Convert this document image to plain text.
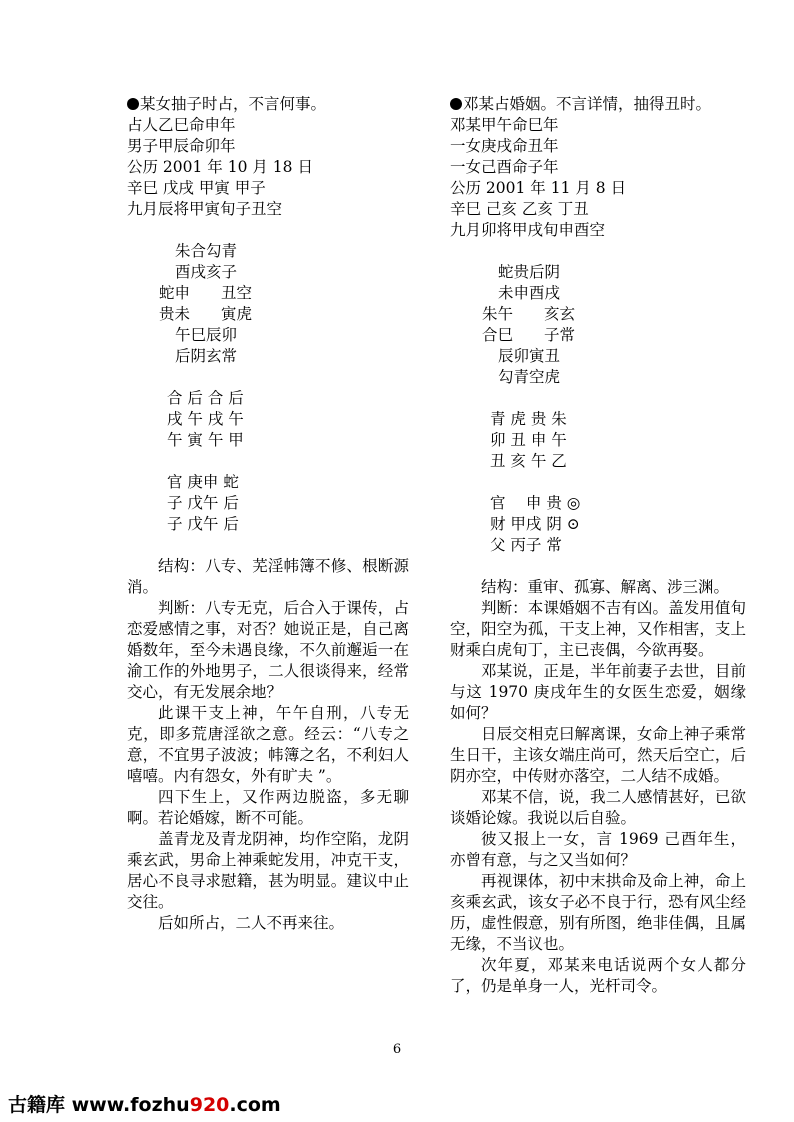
某女抽子时占，不言何事。
占人乙巳命申年
男子甲辰命卯年
公历 2001 年 10 月 18 日
辛巳 戊戌 甲寅 甲子
九月辰将甲寅旬子丑空
朱合勾青
酉戌亥子
蛇申　　丑空
贵未　　寅虎
午巳辰卯
后阴玄常
合 后 合 后
戌 午 戌 午
午 寅 午 甲
官 庚申 蛇
子 戊午 后
子 戊午 后
结构：八专、芜淫帏簿不修、根断源消。
判断：八专无克，后合入于课传，占恋爱感情之事，对否？她说正是，自己离婚数年，至今未遇良缘，不久前邂逅一在渝工作的外地男子，二人很谈得来，经常交心，有无发展余地？
此课干支上神，午午自刑，八专无克，即多荒唐淫欲之意。经云：“八专之意，不宜男子波波；帏簿之名，不利妇人嘻嘻。内有怨女，外有旷夫 ”。
四下生上，又作两边脱盗，多无聊啊。若论婚嫁，断不可能。
盖青龙及青龙阴神，均作空陷，龙阴乘玄武，男命上神乘蛇发用，冲克干支，居心不良寻求慰籍，甚为明显。建议中止交往。
后如所占，二人不再来往。
邓某占婚姻。不言详情，抽得丑时。
邓某甲午命巳年
一女庚戌命丑年
一女己酉命子年
公历 2001 年 11 月 8 日
辛巳 己亥 乙亥 丁丑
九月卯将甲戌旬申酉空
蛇贵后阴
未申酉戌
朱午　　亥玄
合巳　　子常
辰卯寅丑
勾青空虎
青 虎 贵 朱
卯 丑 申 午
丑 亥 午 乙
官　 申 贵 ◎
财 甲戌 阴 ⊙
父 丙子 常
结构：重审、孤寡、解离、涉三渊。
判断：本课婚姻不吉有凶。盖发用值旬空，阳空为孤，干支上神，又作相害，支上财乘白虎旬丁，主已丧偶，今欲再娶。
邓某说，正是，半年前妻子去世，目前与这 1970 庚戌年生的女医生恋爱，姻缘如何？
日辰交相克曰解离课，女命上神子乘常生日干，主该女端庄尚可，然天后空亡，后阴亦空，中传财亦落空，二人结不成婚。
邓某不信，说，我二人感情甚好，已欲谈婚论嫁。我说以后自验。
彼又报上一女，言 1969 己酉年生，亦曾有意，与之又当如何？
再视课体，初中末拱命及命上神，命上亥乘玄武，该女子必不良于行，恐有风尘经历，虚性假意，别有所图，绝非佳偶，且属无缘，不当议也。
次年夏，邓某来电话说两个女人都分了，仍是单身一人，光杆司令。
6
古籍库 www.fozhu920.com
